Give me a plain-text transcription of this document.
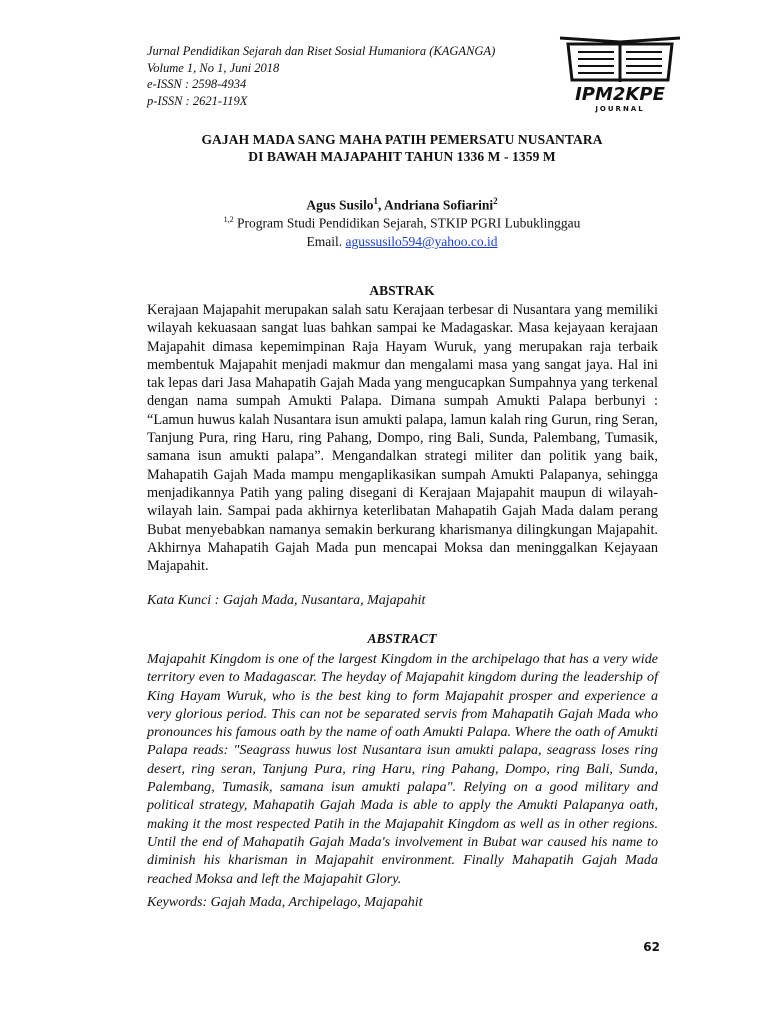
Jurnal Pendidikan Sejarah dan Riset Sosial Humaniora (KAGANGA)
Volume 1, No 1, Juni 2018
e-ISSN : 2598-4934
p-ISSN : 2621-119X	IPM2KPE
JOURNAL
GAJAH MADA SANG MAHA PATIH PEMERSATU NUSANTARA
DI BAWAH MAJAPAHIT TAHUN 1336 M - 1359 M
Agus Susilo$^1$, Andriana Sofiarini$^2$
$^{1,2}$ Program Studi Pendidikan Sejarah, STKIP PGRI Lubuklinggau
Email. agussusilo594@yahoo.co.id
ABSTRAK
Kerajaan Majapahit merupakan salah satu Kerajaan terbesar di Nusantara yang memiliki wilayah kekuasaan sangat luas bahkan sampai ke Madagaskar. Masa kejayaan kerajaan Majapahit dimasa kepemimpinan Raja Hayam Wuruk, yang merupakan raja terbaik membentuk Majapahit menjadi makmur dan mengalami masa yang sangat jaya. Hal ini tak lepas dari Jasa Mahapatih Gajah Mada yang mengucapkan Sumpahnya yang terkenal dengan nama sumpah Amukti Palapa. Dimana sumpah Amukti Palapa berbunyi : “Lamun huwus kalah Nusantara isun amukti palapa, lamun kalah ring Gurun, ring Seran, Tanjung Pura, ring Haru, ring Pahang, Dompo, ring Bali, Sunda, Palembang, Tumasik, samana isun amukti palapa”. Mengandalkan strategi militer dan politik yang baik, Mahapatih Gajah Mada mampu mengaplikasikan sumpah Amukti Palapanya, sehingga menjadikannya Patih yang paling disegani di Kerajaan Majapahit maupun di wilayah-wilayah lain. Sampai pada akhirnya keterlibatan Mahapatih Gajah Mada dalam perang Bubat menyebabkan namanya semakin berkurang kharismanya dilingkungan Majapahit. Akhirnya Mahapatih Gajah Mada pun mencapai Moksa dan meninggalkan Kejayaan Majapahit.
Kata Kunci : Gajah Mada, Nusantara, Majapahit
ABSTRACT
Majapahit Kingdom is one of the largest Kingdom in the archipelago that has a very wide territory even to Madagascar. The heyday of Majapahit kingdom during the leadership of King Hayam Wuruk, who is the best king to form Majapahit prosper and experience a very glorious period. This can not be separated servis from Mahapatih Gajah Mada who pronounces his famous oath by the name of oath Amukti Palapa. Where the oath of Amukti Palapa reads: "Seagrass huwus lost Nusantara isun amukti palapa, seagrass loses ring desert, ring seran, Tanjung Pura, ring Haru, ring Pahang, Dompo, ring Bali, Sunda, Palembang, Tumasik, samana isun amukti palapa". Relying on a good military and political strategy, Mahapatih Gajah Mada is able to apply the Amukti Palapanya oath, making it the most respected Patih in the Majapahit Kingdom as well as in other regions. Until the end of Mahapatih Gajah Mada's involvement in Bubat war caused his name to diminish his kharisman in Majapahit environment. Finally Mahapatih Gajah Mada reached Moksa and left the Majapahit Glory.
Keywords: Gajah Mada, Archipelago, Majapahit
62
